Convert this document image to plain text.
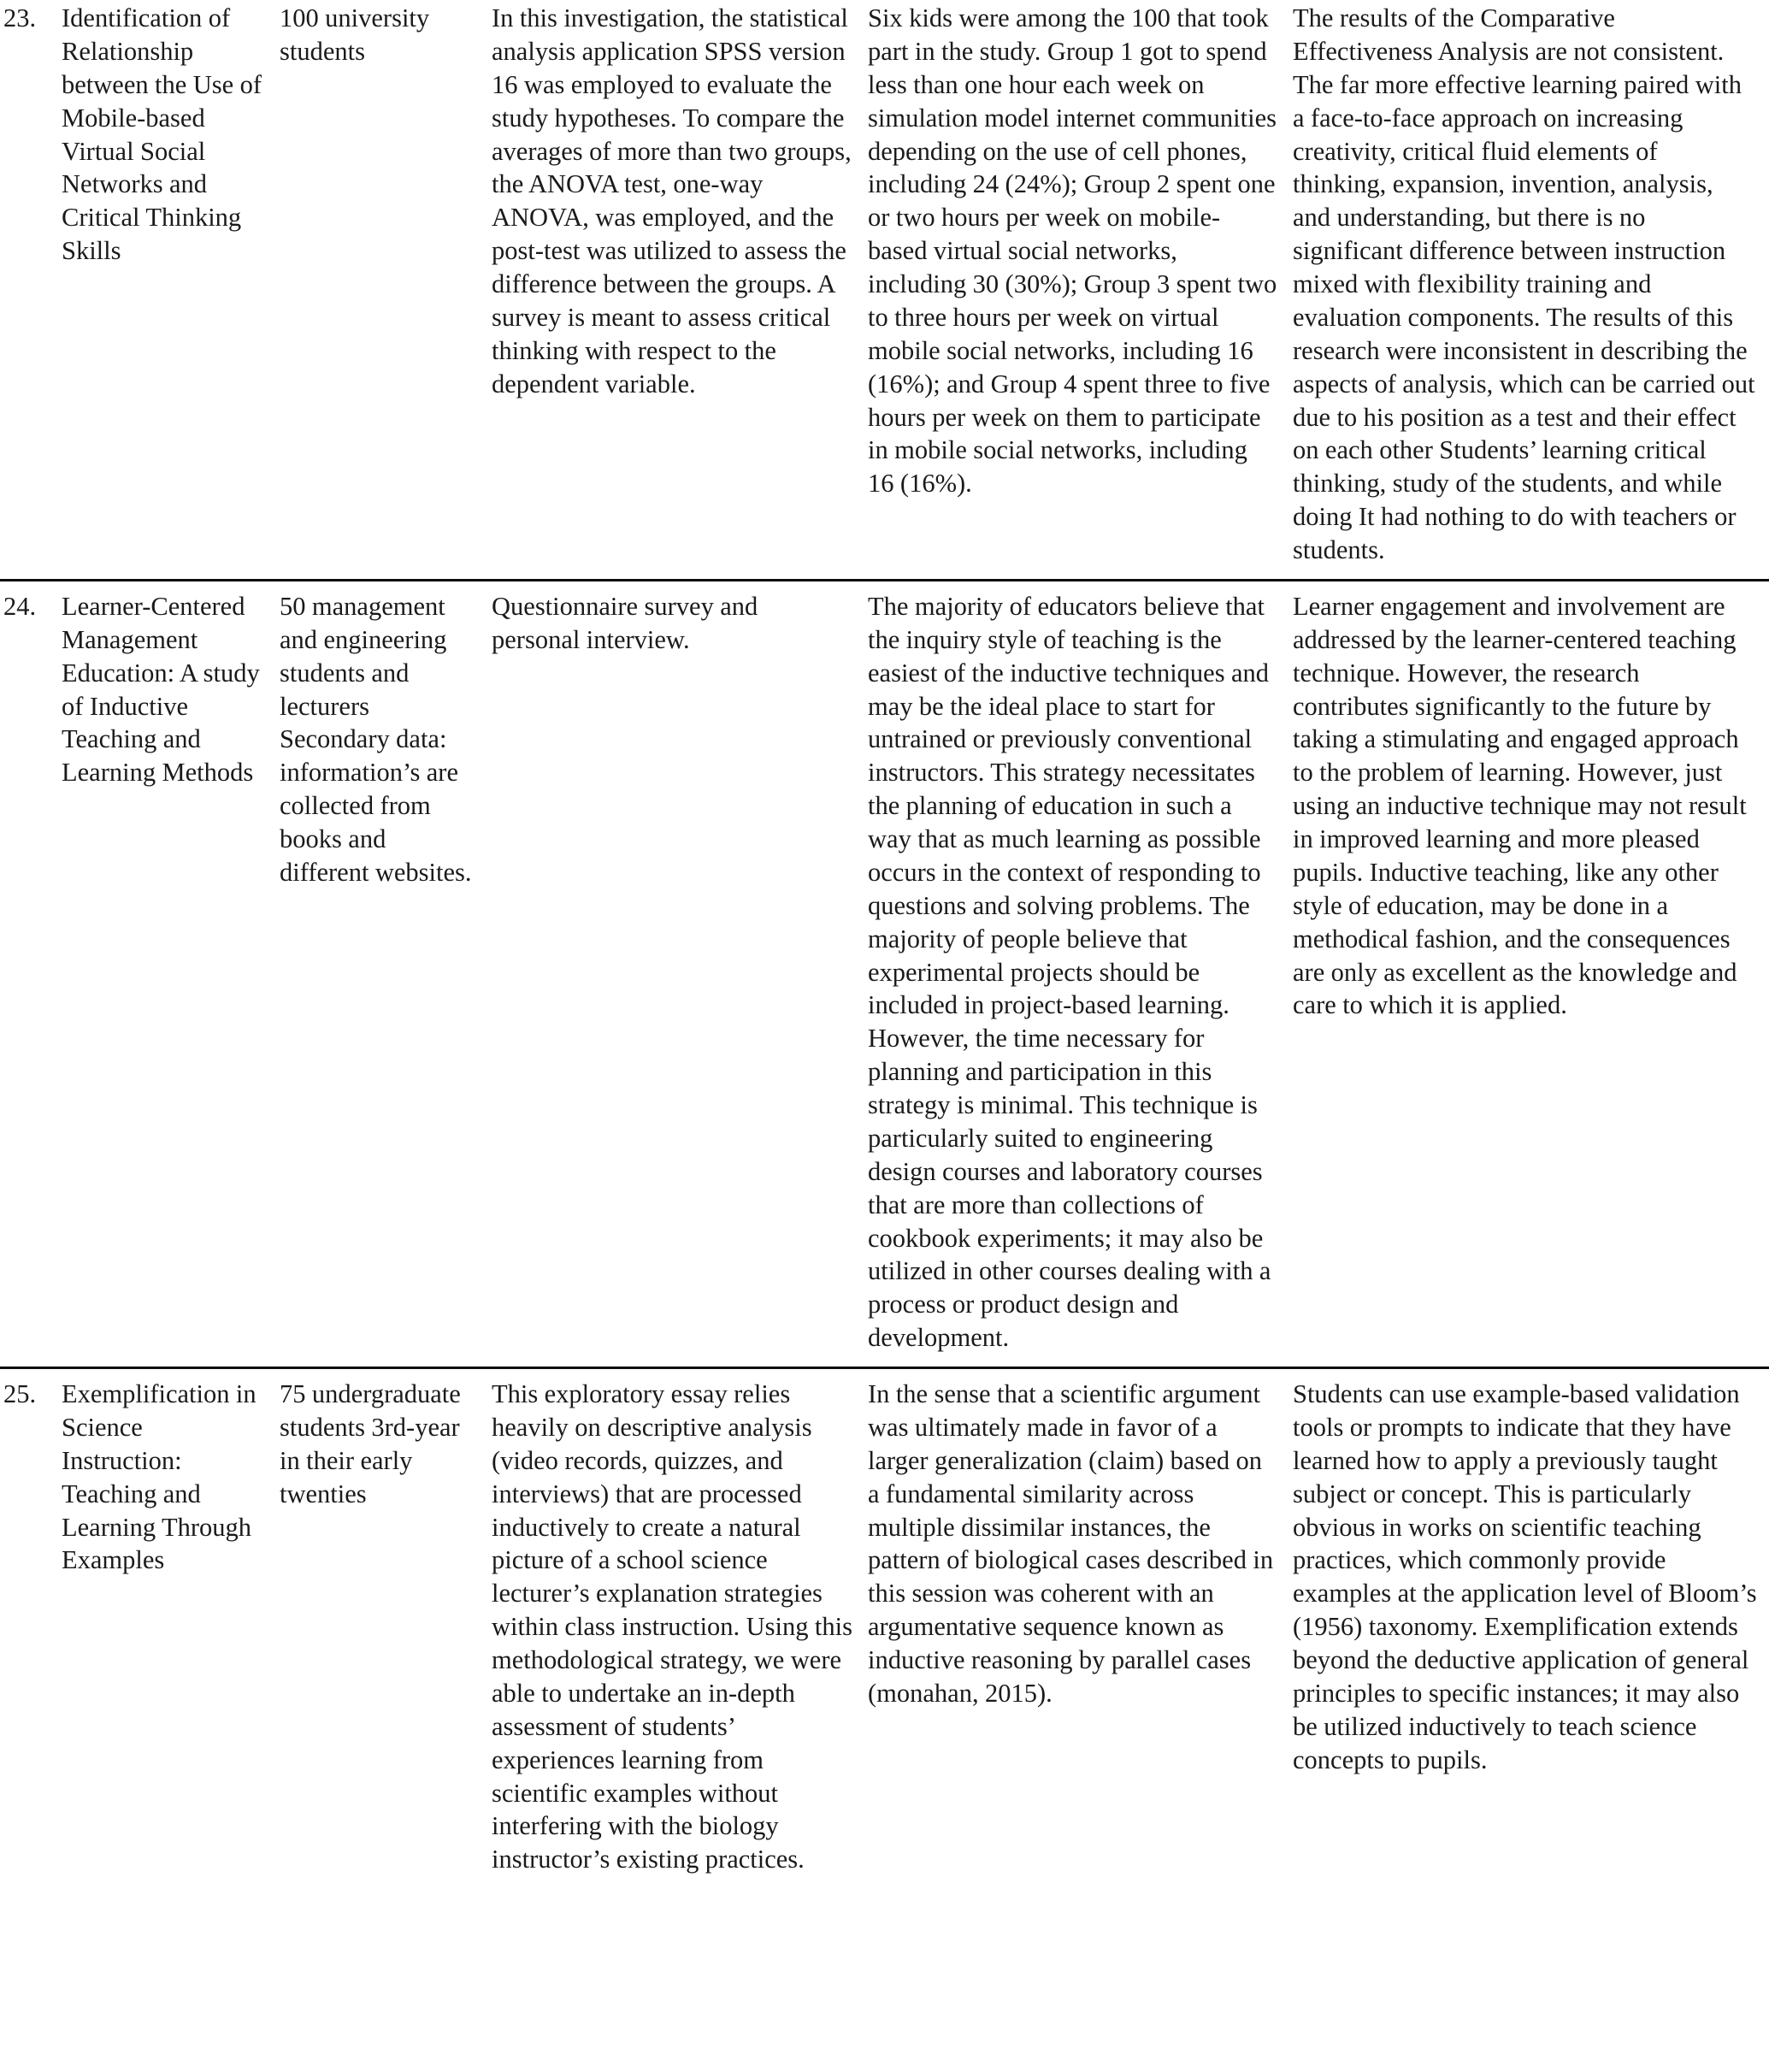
23.	Identification of Relationship between the Use of Mobile-based Virtual Social Networks and Critical Thinking Skills	100 university students	In this investigation, the statistical analysis application SPSS version 16 was employed to evaluate the study hypotheses. To compare the averages of more than two groups, the ANOVA test, one-way ANOVA, was employed, and the post-test was utilized to assess the difference between the groups. A survey is meant to assess critical thinking with respect to the dependent variable.	Six kids were among the 100 that took part in the study. Group 1 got to spend less than one hour each week on simulation model internet communities depending on the use of cell phones, including 24 (24%); Group 2 spent one or two hours per week on mobile-based virtual social networks, including 30 (30%); Group 3 spent two to three hours per week on virtual mobile social networks, including 16 (16%); and Group 4 spent three to five hours per week on them to participate in mobile social networks, including 16 (16%).	The results of the Comparative Effectiveness Analysis are not consistent. The far more effective learning paired with a face-to-face approach on increasing creativity, critical fluid elements of thinking, expansion, invention, analysis, and understanding, but there is no significant difference between instruction mixed with flexibility training and evaluation components. The results of this research were inconsistent in describing the aspects of analysis, which can be carried out due to his position as a test and their effect on each other Students’ learning critical thinking, study of the students, and while doing It had nothing to do with teachers or students.
24.	Learner-Centered Management Education: A study of Inductive Teaching and Learning Methods	50 management and engineering students and lecturers Secondary data: information’s are collected from books and different websites.	Questionnaire survey and personal interview.	The majority of educators believe that the inquiry style of teaching is the easiest of the inductive techniques and may be the ideal place to start for untrained or previously conventional instructors. This strategy necessitates the planning of education in such a way that as much learning as possible occurs in the context of responding to questions and solving problems. The majority of people believe that experimental projects should be included in project-based learning. However, the time necessary for planning and participation in this strategy is minimal. This technique is particularly suited to engineering design courses and laboratory courses that are more than collections of cookbook experiments; it may also be utilized in other courses dealing with a process or product design and development.	Learner engagement and involvement are addressed by the learner-centered teaching technique. However, the research contributes significantly to the future by taking a stimulating and engaged approach to the problem of learning. However, just using an inductive technique may not result in improved learning and more pleased pupils. Inductive teaching, like any other style of education, may be done in a methodical fashion, and the consequences are only as excellent as the knowledge and care to which it is applied.
25.	Exemplification in Science Instruction: Teaching and Learning Through Examples	75 undergraduate students 3rd-year in their early twenties	This exploratory essay relies heavily on descriptive analysis (video records, quizzes, and interviews) that are processed inductively to create a natural picture of a school science lecturer’s explanation strategies within class instruction. Using this methodological strategy, we were able to undertake an in-depth assessment of students’ experiences learning from scientific examples without interfering with the biology instructor’s existing practices.	In the sense that a scientific argument was ultimately made in favor of a larger generalization (claim) based on a fundamental similarity across multiple dissimilar instances, the pattern of biological cases described in this session was coherent with an argumentative sequence known as inductive reasoning by parallel cases (monahan, 2015).	Students can use example-based validation tools or prompts to indicate that they have learned how to apply a previously taught subject or concept. This is particularly obvious in works on scientific teaching practices, which commonly provide examples at the application level of Bloom’s (1956) taxonomy. Exemplification extends beyond the deductive application of general principles to specific instances; it may also be utilized inductively to teach science concepts to pupils.
